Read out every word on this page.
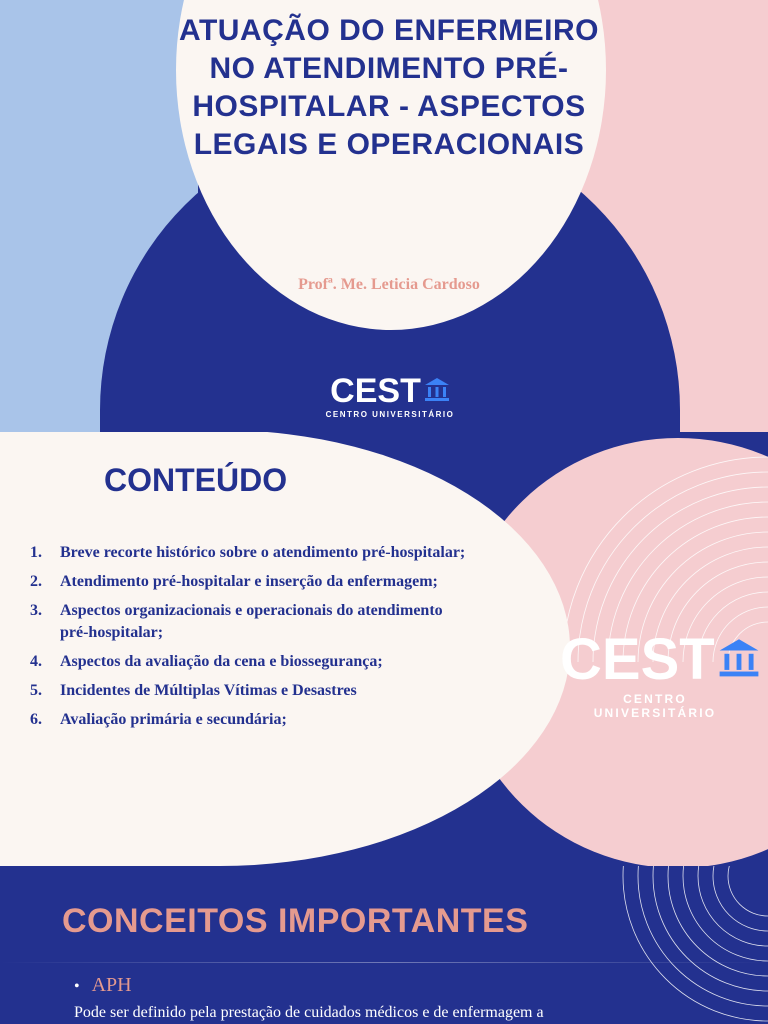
ATUAÇÃO DO ENFERMEIRO NO ATENDIMENTO PRÉ-HOSPITALAR - ASPECTOS LEGAIS E OPERACIONAIS
Profª. Me. Leticia Cardoso
CEST
CENTRO UNIVERSITÁRIO
CONTEÚDO
1.	Breve recorte histórico sobre o atendimento pré-hospitalar;
2.	Atendimento pré-hospitalar e inserção da enfermagem;
3.	Aspectos organizacionais e operacionais do atendimento pré-hospitalar;
4.	Aspectos da avaliação da cena e biossegurança;
5.	Incidentes de Múltiplas Vítimas e Desastres
6.	Avaliação primária e secundária;
CEST
CENTRO UNIVERSITÁRIO
CONCEITOS IMPORTANTES
• APH
Pode ser definido pela prestação de cuidados médicos e de enfermagem a
